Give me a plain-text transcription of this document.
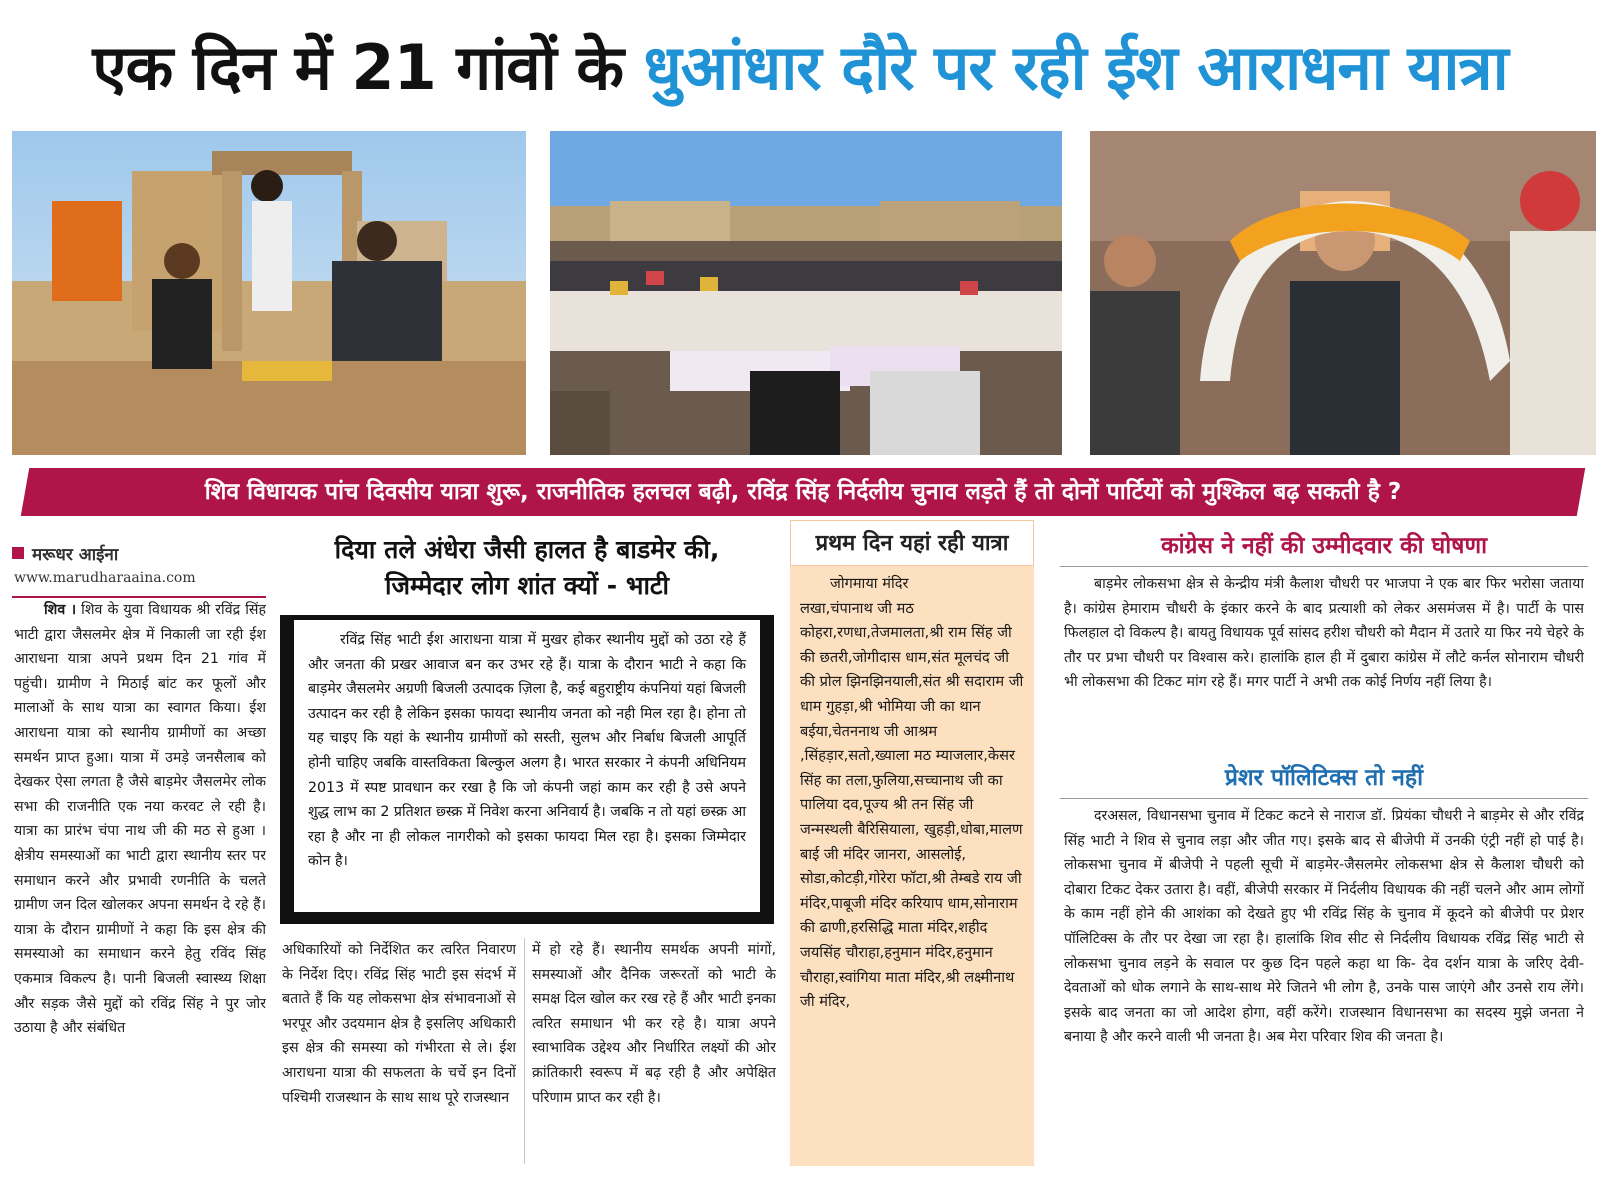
एक दिन में 21 गांवों के धुआंधार दौरे पर रही ईश आराधना यात्रा
शिव विधायक पांच दिवसीय यात्रा शुरू, राजनीतिक हलचल बढ़ी, रविंद्र सिंह निर्दलीय चुनाव लड़ते हैं तो दोनों पार्टियों को मुश्किल बढ़ सकती है ?
मरूधर आईना
www.marudharaaina.com

शिव । शिव के युवा विधायक श्री रविंद्र सिंह भाटी द्वारा जैसलमेर क्षेत्र में निकाली जा रही ईश आराधना यात्रा अपने प्रथम दिन 21 गांव में पहुंची। ग्रामीण ने मिठाई बांट कर फूलों और मालाओं के साथ यात्रा का स्वागत किया। ईश आराधना यात्रा को स्थानीय ग्रामीणों का अच्छा समर्थन प्राप्त हुआ। यात्रा में उमड़े जनसैलाब को देखकर ऐसा लगता है जैसे बाड़मेर जैसलमेर लोक सभा की राजनीति एक नया करवट ले रही है। यात्रा का प्रारंभ चंपा नाथ जी की मठ से हुआ । क्षेत्रीय समस्याओं का भाटी द्वारा स्थानीय स्तर पर समाधान करने और प्रभावी रणनीति के चलते ग्रामीण जन दिल खोलकर अपना समर्थन दे रहे हैं। यात्रा के दौरान ग्रामीणों ने कहा कि इस क्षेत्र की समस्याओ का समाधान करने हेतु रविंद सिंह एकमात्र विकल्प है। पानी बिजली स्वास्थ्य शिक्षा और सड़क जैसे मुद्दों को रविंद्र सिंह ने पुर जोर उठाया है और संबंधित

दिया तले अंधेरा जैसी हालत है बाडमेर की,
जिम्मेदार लोग शांत क्यों - भाटी

रविंद्र सिंह भाटी ईश आराधना यात्रा में मुखर होकर स्थानीय मुद्दों को उठा रहे हैं और जनता की प्रखर आवाज बन कर उभर रहे हैं। यात्रा के दौरान भाटी ने कहा कि बाड़मेर जैसलमेर अग्रणी बिजली उत्पादक ज़िला है, कई बहुराष्ट्रीय कंपनियां यहां बिजली उत्पादन कर रही है लेकिन इसका फायदा स्थानीय जनता को नही मिल रहा है। होना तो यह चाइए कि यहां के स्थानीय ग्रामीणों को सस्ती, सुलभ और निर्बाध बिजली आपूर्ति होनी चाहिए जबकि वास्तविकता बिल्कुल अलग है। भारत सरकार ने कंपनी अधिनियम 2013 में स्पष्ट प्रावधान कर रखा है कि जो कंपनी जहां काम कर रही है उसे अपने शुद्ध लाभ का 2 प्रतिशत छ्स्क्र में निवेश करना अनिवार्य है। जबकि न तो यहां छ्स्क्र आ रहा है और ना ही लोकल नागरीको को इसका फायदा मिल रहा है। इसका जिम्मेदार कोन है।

अधिकारियों को निर्देशित कर त्वरित निवारण के निर्देश दिए। रविंद्र सिंह भाटी इस संदर्भ में बताते हैं कि यह लोकसभा क्षेत्र संभावनाओं से भरपूर और उदयमान क्षेत्र है इसलिए अधिकारी इस क्षेत्र की समस्या को गंभीरता से ले। ईश आराधना यात्रा की सफलता के चर्चे इन दिनों पश्चिमी राजस्थान के साथ साथ पूरे राजस्थान

में हो रहे हैं। स्थानीय समर्थक अपनी मांगों, समस्याओं और दैनिक जरूरतों को भाटी के समक्ष दिल खोल कर रख रहे हैं और भाटी इनका त्वरित समाधान भी कर रहे है। यात्रा अपने स्वाभाविक उद्देश्य और निर्धारित लक्ष्यों की ओर क्रांतिकारी स्वरूप में बढ़ रही है और अपेक्षित परिणाम प्राप्त कर रही है।

प्रथम दिन यहां रही यात्रा
जोगमाया मंदिर
लखा,चंपानाथ जी मठ कोहरा,रणधा,तेजमालता,श्री राम सिंह जी की छतरी,जोगीदास धाम,संत मूलचंद जी की प्रोल झिनझिनयाली,संत श्री सदाराम जी धाम गुहड़ा,श्री भोमिया जी का थान बईया,चेतननाथ जी आश्रम ,सिंहड़ार,सतो,ख्याला मठ म्याजलार,केसर सिंह का तला,फुलिया,सच्चानाथ जी का पालिया दव,पूज्य श्री तन सिंह जी जन्मस्थली बैरिसियाला, खुहड़ी,धोबा,मालण बाई जी मंदिर जानरा, आसलोई, सोडा,कोटड़ी,गोरेरा फॉटा,श्री तेम्बडे राय जी मंदिर,पाबूजी मंदिर करियाप धाम,सोनाराम की ढाणी,हरसिद्धि माता मंदिर,शहीद जयसिंह चौराहा,हनुमान मंदिर,हनुमान चौराहा,स्वांगिया माता मंदिर,श्री लक्ष्मीनाथ जी मंदिर,
कांग्रेस ने नहीं की उम्मीदवार की घोषणा

बाड़मेर लोकसभा क्षेत्र से केन्द्रीय मंत्री कैलाश चौधरी पर भाजपा ने एक बार फिर भरोसा जताया है। कांग्रेस हेमाराम चौधरी के इंकार करने के बाद प्रत्याशी को लेकर असमंजस में है। पार्टी के पास फिलहाल दो विकल्प है। बायतु विधायक पूर्व सांसद हरीश चौधरी को मैदान में उतारे या फिर नये चेहरे के तौर पर प्रभा चौधरी पर विश्वास करे। हालांकि हाल ही में दुबारा कांग्रेस में लौटे कर्नल सोनाराम चौधरी भी लोकसभा की टिकट मांग रहे हैं। मगर पार्टी ने अभी तक कोई निर्णय नहीं लिया है।

प्रेशर पॉलिटिक्स तो नहीं

दरअसल, विधानसभा चुनाव में टिकट कटने से नाराज डॉ. प्रियंका चौधरी ने बाड़मेर से और रविंद्र सिंह भाटी ने शिव से चुनाव लड़ा और जीत गए। इसके बाद से बीजेपी में उनकी एंट्री नहीं हो पाई है। लोकसभा चुनाव में बीजेपी ने पहली सूची में बाड़मेर-जैसलमेर लोकसभा क्षेत्र से कैलाश चौधरी को दोबारा टिकट देकर उतारा है। वहीं, बीजेपी सरकार में निर्दलीय विधायक की नहीं चलने और आम लोगों के काम नहीं होने की आशंका को देखते हुए भी रविंद्र सिंह के चुनाव में कूदने को बीजेपी पर प्रेशर पॉलिटिक्स के तौर पर देखा जा रहा है। हालांकि शिव सीट से निर्दलीय विधायक रविंद्र सिंह भाटी से लोकसभा चुनाव लड़ने के सवाल पर कुछ दिन पहले कहा था कि- देव दर्शन यात्रा के जरिए देवी-देवताओं को धोक लगाने के साथ-साथ मेरे जितने भी लोग है, उनके पास जाएंगे और उनसे राय लेंगे। इसके बाद जनता का जो आदेश होगा, वहीं करेंगे। राजस्थान विधानसभा का सदस्य मुझे जनता ने बनाया है और करने वाली भी जनता है। अब मेरा परिवार शिव की जनता है।
